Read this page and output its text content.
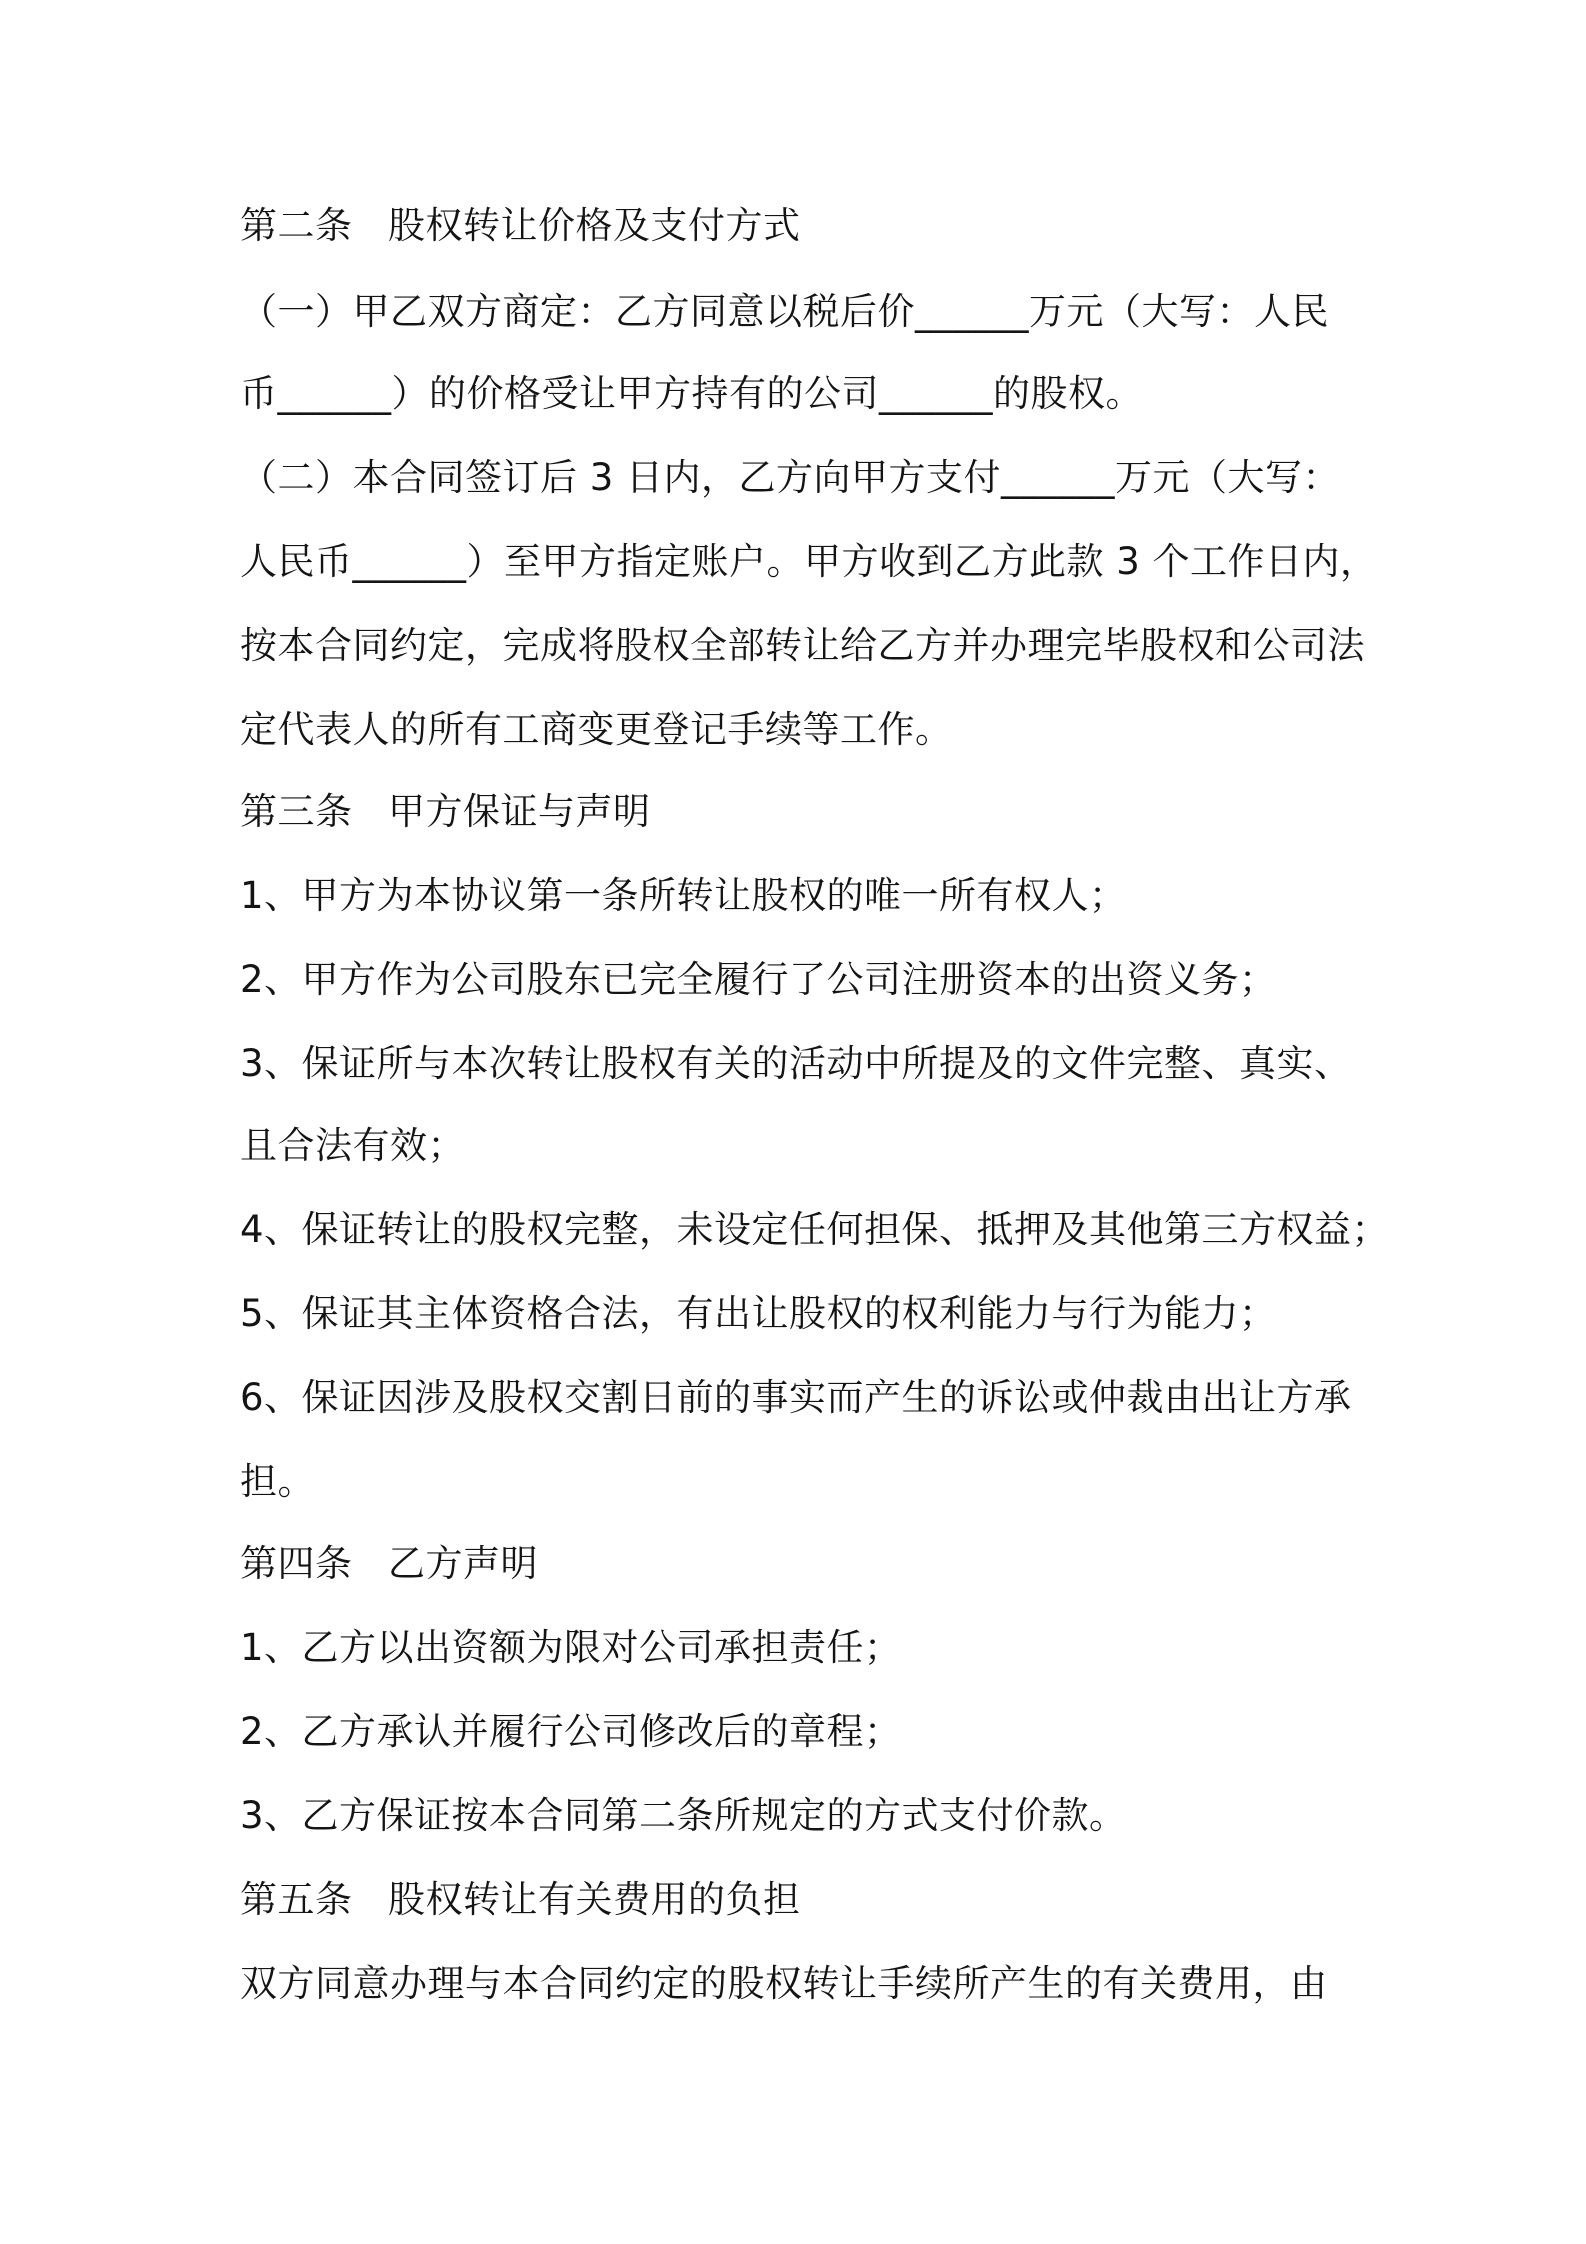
第二条 股权转让价格及支付方式
（一）甲乙双方商定：乙方同意以税后价______万元（大写：人民
币______）的价格受让甲方持有的公司______的股权。
（二）本合同签订后 3 日内，乙方向甲方支付______万元（大写：
人民币______）至甲方指定账户。甲方收到乙方此款 3 个工作日内，
按本合同约定，完成将股权全部转让给乙方并办理完毕股权和公司法
定代表人的所有工商变更登记手续等工作。
第三条 甲方保证与声明
1、甲方为本协议第一条所转让股权的唯一所有权人；
2、甲方作为公司股东已完全履行了公司注册资本的出资义务；
3、保证所与本次转让股权有关的活动中所提及的文件完整、真实、
且合法有效；
4、保证转让的股权完整，未设定任何担保、抵押及其他第三方权益；
5、保证其主体资格合法，有出让股权的权利能力与行为能力；
6、保证因涉及股权交割日前的事实而产生的诉讼或仲裁由出让方承
担。
第四条 乙方声明
1、乙方以出资额为限对公司承担责任；
2、乙方承认并履行公司修改后的章程；
3、乙方保证按本合同第二条所规定的方式支付价款。
第五条 股权转让有关费用的负担
双方同意办理与本合同约定的股权转让手续所产生的有关费用，由
